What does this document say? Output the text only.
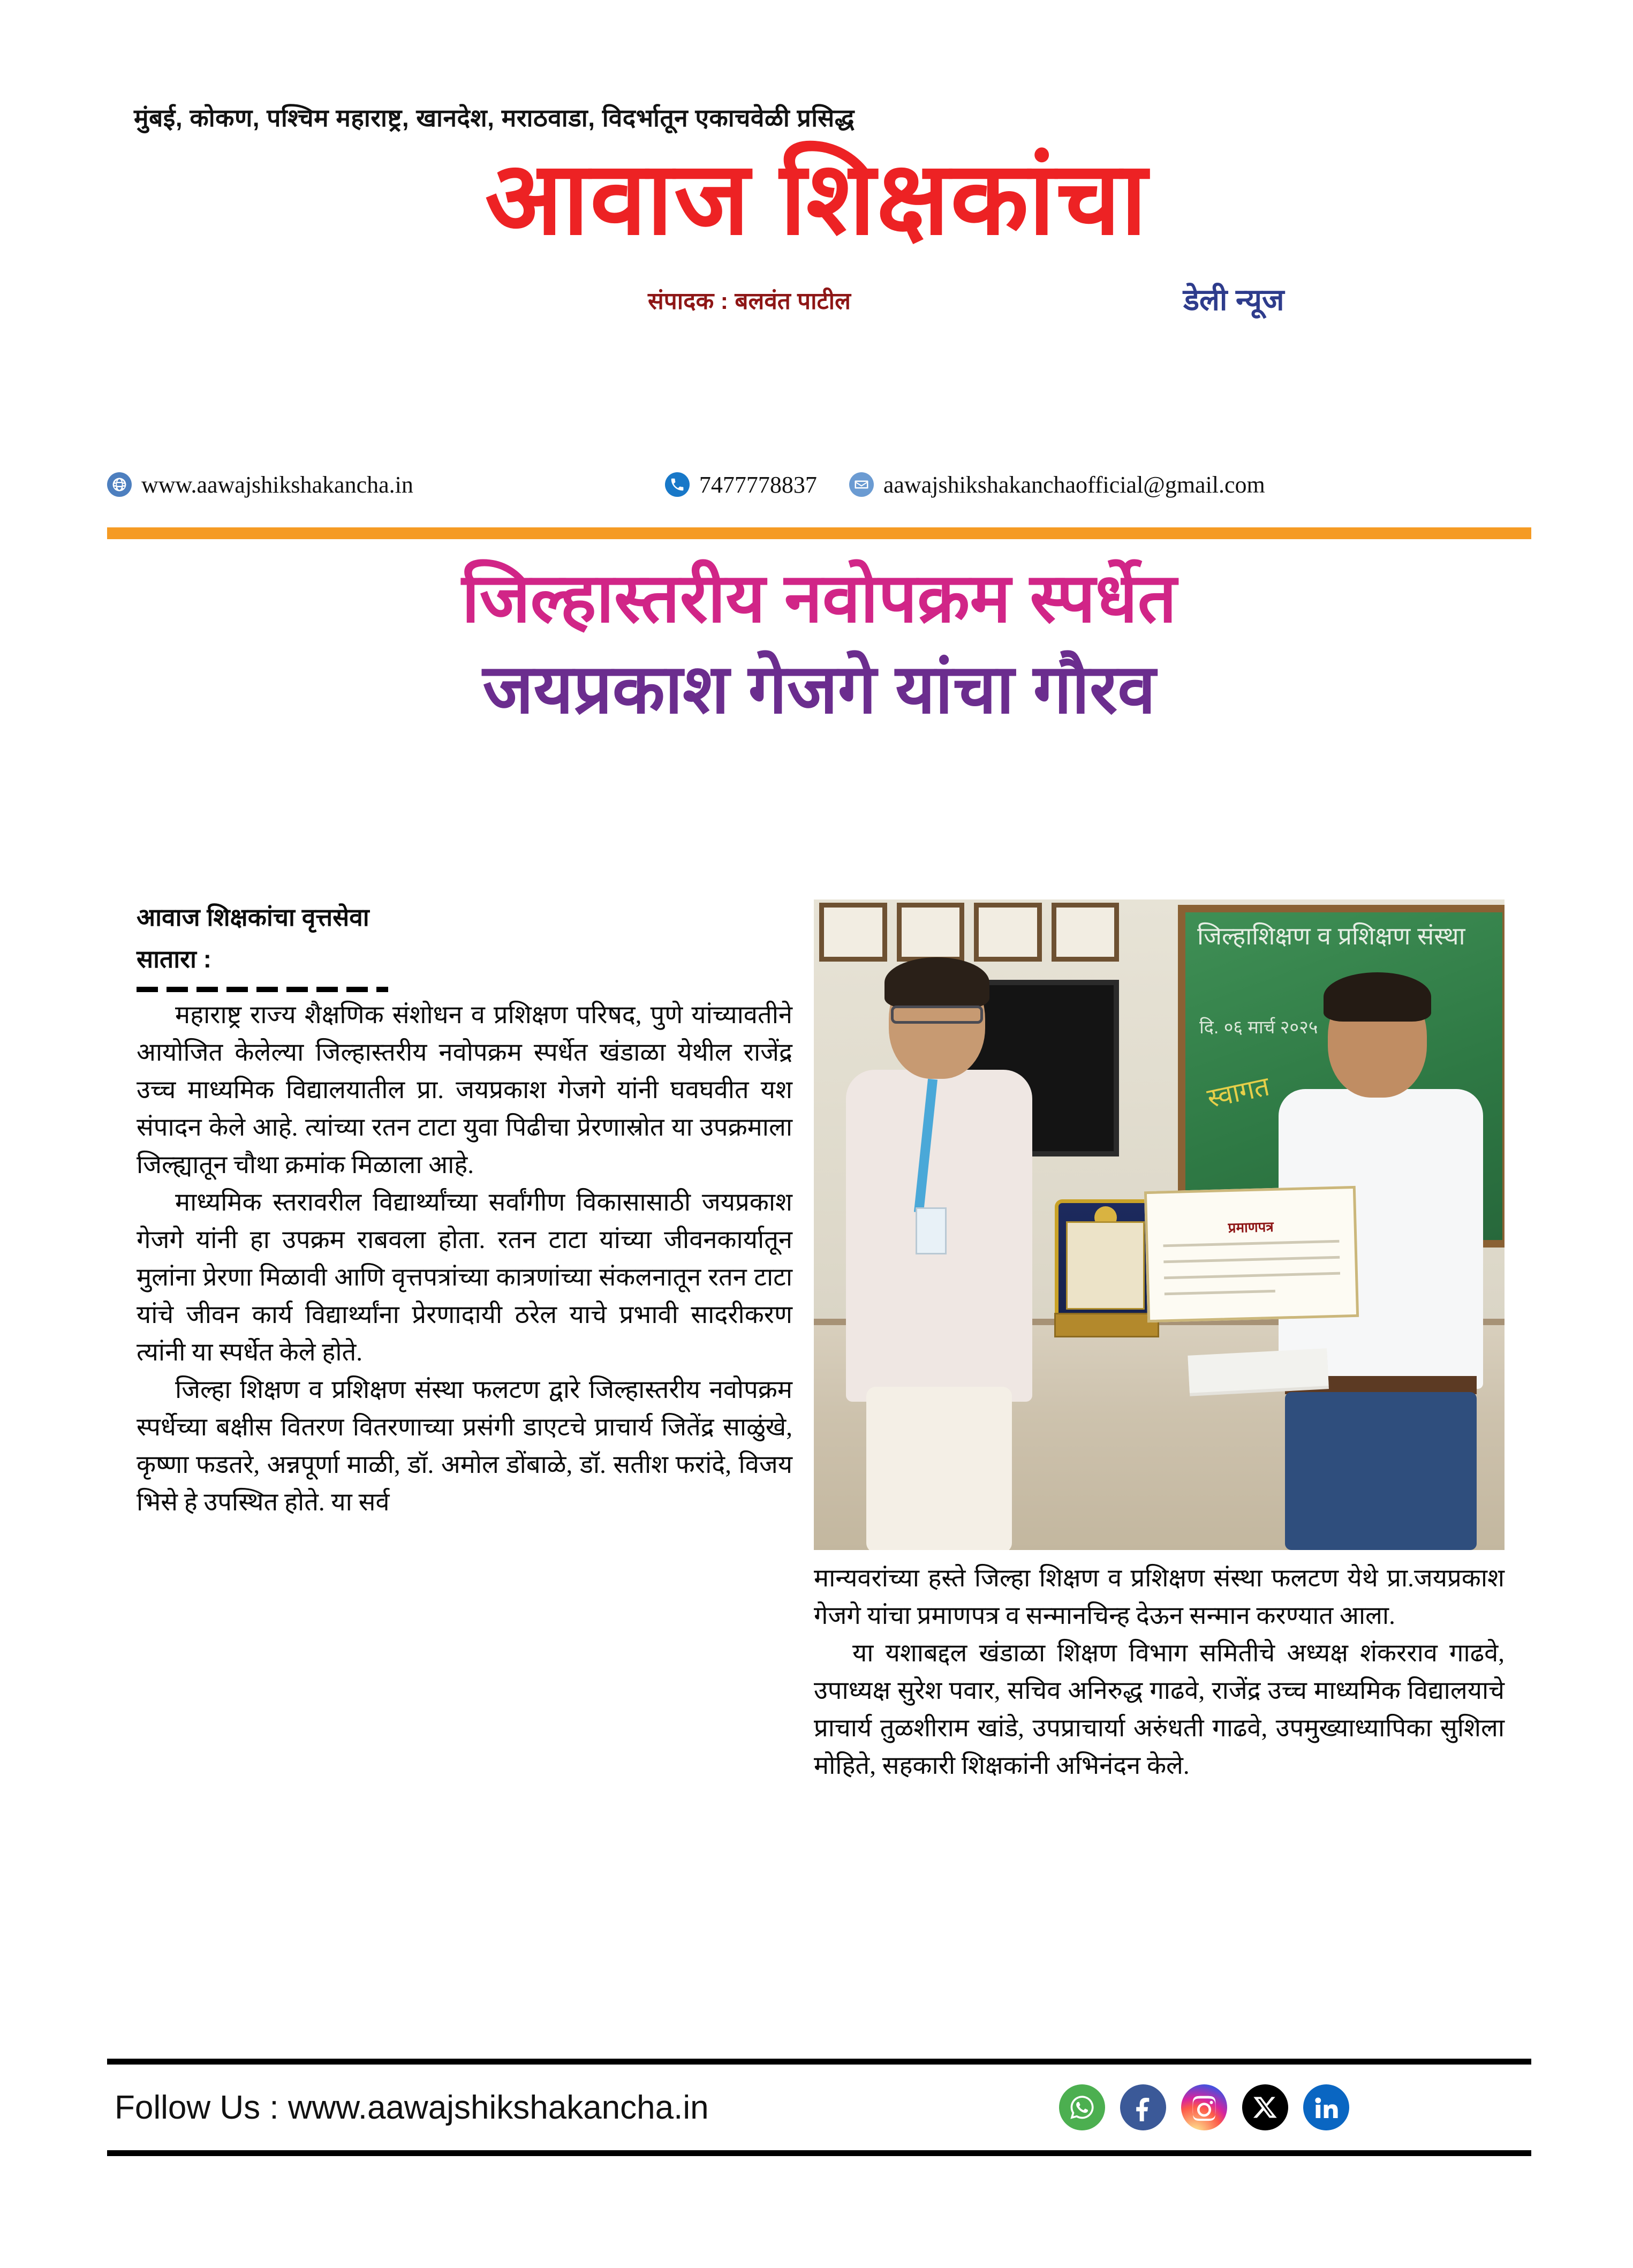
मुंबई, कोकण, पश्चिम महाराष्ट्र, खानदेश, मराठवाडा, विदर्भातून एकाचवेळी प्रसिद्ध
आवाज शिक्षकांचा
संपादक : बलवंत पाटील	डेली न्यूज
www.aawajshikshakancha.in	7477778837	aawajshikshakanchaofficial@gmail.com
जिल्हास्तरीय नवोपक्रम स्पर्धेत
जयप्रकाश गेजगे यांचा गौरव
आवाज शिक्षकांचा वृत्तसेवा
सातारा :

महाराष्ट्र राज्य शैक्षणिक संशोधन व प्रशिक्षण परिषद, पुणे यांच्यावतीने आयोजित केलेल्या जिल्हास्तरीय नवोपक्रम स्पर्धेत खंडाळा येथील राजेंद्र उच्च माध्यमिक विद्यालयातील प्रा. जयप्रकाश गेजगे यांनी घवघवीत यश संपादन केले आहे. त्यांच्या रतन टाटा युवा पिढीचा प्रेरणास्रोत या उपक्रमाला जिल्ह्यातून चौथा क्रमांक मिळाला आहे.

माध्यमिक स्तरावरील विद्यार्थ्यांच्या सर्वांगीण विकासासाठी जयप्रकाश गेजगे यांनी हा उपक्रम राबवला होता. रतन टाटा यांच्या जीवनकार्यातून मुलांना प्रेरणा मिळावी आणि वृत्तपत्रांच्या कात्रणांच्या संकलनातून रतन टाटा यांचे जीवन कार्य विद्यार्थ्यांना प्रेरणादायी ठरेल याचे प्रभावी सादरीकरण त्यांनी या स्पर्धेत केले होते.

जिल्हा शिक्षण व प्रशिक्षण संस्था फलटण द्वारे जिल्हास्तरीय नवोपक्रम स्पर्धेच्या बक्षीस वितरण वितरणाच्या प्रसंगी डाएटचे प्राचार्य जितेंद्र साळुंखे, कृष्णा फडतरे, अन्नपूर्णा माळी, डॉ. अमोल डोंबाळे, डॉ. सतीश फरांदे, विजय भिसे हे उपस्थित होते. या सर्व

जिल्हाशिक्षण व प्रशिक्षण संस्था
दि. ०६ मार्च २०२५
स्वागत
प्रमाणपत्र

मान्यवरांच्या हस्ते जिल्हा शिक्षण व प्रशिक्षण संस्था फलटण येथे प्रा.जयप्रकाश गेजगे यांचा प्रमाणपत्र व सन्मानचिन्ह देऊन सन्मान करण्यात आला.

या यशाबद्दल खंडाळा शिक्षण विभाग समितीचे अध्यक्ष शंकरराव गाढवे, उपाध्यक्ष सुरेश पवार, सचिव अनिरुद्ध गाढवे, राजेंद्र उच्च माध्यमिक विद्यालयाचे प्राचार्य तुळशीराम खांडे, उपप्राचार्या अरुंधती गाढवे, उपमुख्याध्यापिका सुशिला मोहिते, सहकारी शिक्षकांनी अभिनंदन केले.

Follow Us : www.aawajshikshakancha.in
